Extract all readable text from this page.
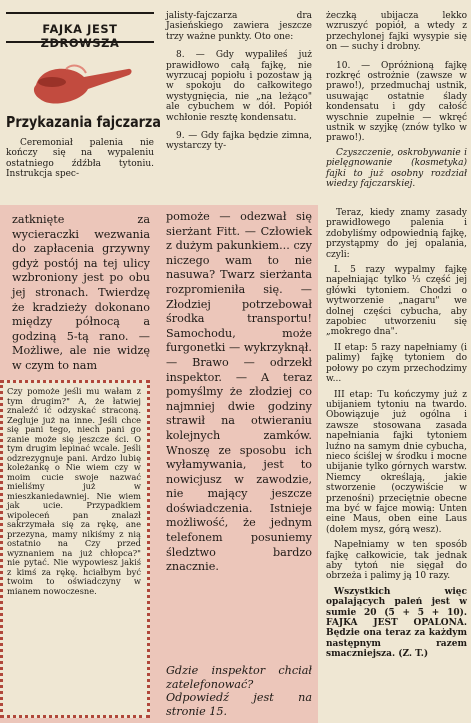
FAJKA JEST ZDROWSZA
Przykazania fajczarza

Ceremoniał palenia nie kończy się na wypaleniu ostatniego źdźbła tytoniu. Instrukcja spec-

jalisty-fajczarza dra Jasieńskiego zawiera jeszcze trzy ważne punkty. Oto one:

8. — Gdy wypaliłeś już prawidłowo całą fajkę, nie wyrzucaj popiołu i pozostaw ją w spokoju do całkowitego wystygnięcia, nie „na leżąco" ale cybuchem w dół. Popiół wchłonie resztę kondensatu.

9. — Gdy fajka będzie zimna, wystarczy ty-

żeczką ubijacza lekko wzruszyć popiół, a wtedy z przechylonej fajki wysypie się on — suchy i drobny.

10. — Opróżnioną fajkę rozkręć ostrożnie (zawsze w prawo!), przedmuchaj ustnik, usuwając ostatnie ślady kondensatu i gdy całość wyschnie zupełnie — wkręć ustnik w szyjkę (znów tylko w prawo!).

Czyszczenie, oskrobywanie i pielęgnowanie (kosmetyka) fajki to już osobny rozdział wiedzy fajczarskiej.

zatknięte za wycieraczki wezwania do zapłacenia grzywny gdyż postój na tej ulicy wzbroniony jest po obu jej stronach. Twierdzę że kradzieży dokonano między północą a godziną 5-tą rano. — Możliwe, ale nie widzę w czym to nam

pomoże — odezwał się sierżant Fitt. — Człowiek z dużym pakunkiem... czy niczego wam to nie nasuwa? Twarz sierżanta rozpromieniła się. — Złodziej potrzebował środka transportu! Samochodu, może furgonetki — wykrzyknął. — Brawo — odrzekł inspektor. — A teraz pomyślmy że złodziej co najmniej dwie godziny strawił na otwieraniu kolejnych zamków. Wnoszę ze sposobu ich wyłamywania, jest to nowicjusz w zawodzie, nie mający jeszcze doświadczenia. Istnieje możliwość, że jednym telefonem posuniemy śledztwo bardzo znacznie.

Gdzie inspektor chciał zatelefonować? Odpowiedź jest na stronie 15.

Czy pomoże jeśli mu wałam z tym drugim?" A, że łatwiej znaleźć ić odzyskać straconą. Zegluje już na inne. Jeśli chce się pani tego, niech pani go zanie może się jeszcze ści. O tym drugim lepinać wcale. Jeśli odzrezygnuje pani. Ardzo lubię koleżankę o Nie wiem czy w moim cucie swoje nazwać mieliśmy już w mieszkaniedawniej. Nie wiem jak ucie. Przypadkiem wipoleceń pan znalazł sakrzymała się za rękę, ane przezyna, mamy nikiśmy z nią ostatnio na Czy przed wyznaniem na już chłopca?" nie pytać. Nie wypowiesz jakiś z kimś za rękę. hciałbym być twoim to oświadczyny w mianem nowoczesne.

Teraz, kiedy znamy zasady prawidłowego palenia i zdobyliśmy odpowiednią fajkę, przystąpmy do jej opalania, czyli:

I. 5 razy wypalmy fajkę napełniając tylko ⅓ część jej główki tytoniem. Chodzi o wytworzenie „nagaru" we dolnej części cybucha, aby zapobiec utworzeniu się „mokrego dna".

II etap: 5 razy napełniamy (i palimy) fajkę tytoniem do połowy po czym przechodzimy w...

III etap: Tu kończymy już z ubijaniem tytoniu na twardo. Obowiązuje już ogólna i zawsze stosowana zasada napełniania fajki tytoniem luźno na samym dnie cybucha, nieco ściślej w środku i mocne ubijanie tylko górnych warstw. Niemcy określają, jakie stworzenie (oczywiście w przenośni) przeciętnie obecne ma być w fajce mowią: Unten eine Maus, oben eine Laus (dołem mysz, górą wesz).

Napełniamy w ten sposób fajkę całkowicie, tak jednak aby tytoń nie sięgał do obrzeża i palimy ją 10 razy.

Wszystkich więc opalających paleń jest w sumie 20 (5 + 5 + 10). FAJKA JEST OPALONA. Będzie ona teraz za każdym następnym razem smaczniejsza. (Z. T.)
